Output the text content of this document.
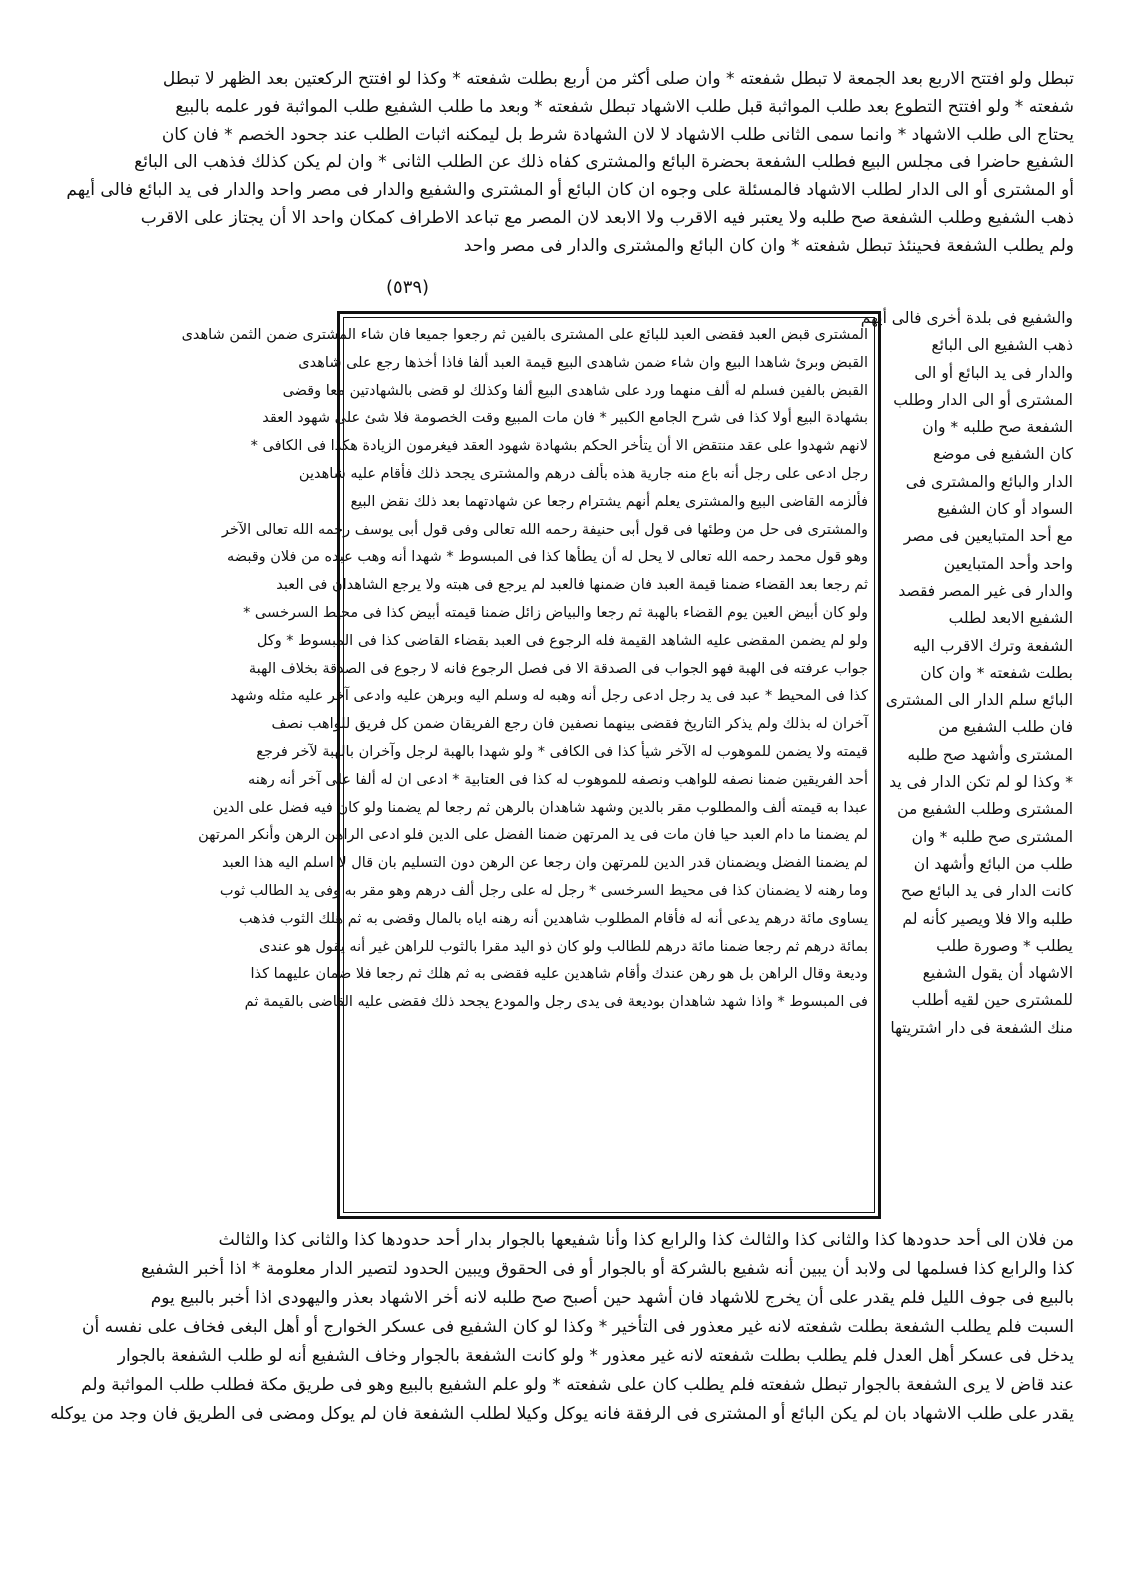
تبطل ولو افتتح الاربع بعد الجمعة لا تبطل شفعته * وان صلى أكثر من أربع بطلت شفعته * وكذا لو افتتح الركعتين بعد الظهر لا تبطل
شفعته * ولو افتتح التطوع بعد طلب المواثبة قبل طلب الاشهاد تبطل شفعته * وبعد ما طلب الشفيع طلب المواثبة فور علمه بالبيع
يحتاج الى طلب الاشهاد * وانما سمى الثانى طلب الاشهاد لا لان الشهادة شرط بل ليمكنه اثبات الطلب عند جحود الخصم * فان كان
الشفيع حاضرا فى مجلس البيع فطلب الشفعة بحضرة البائع والمشترى كفاه ذلك عن الطلب الثانى * وان لم يكن كذلك فذهب الى البائع
أو المشترى أو الى الدار لطلب الاشهاد فالمسئلة على وجوه ان كان البائع أو المشترى والشفيع والدار فى مصر واحد والدار فى يد البائع فالى أيهم
ذهب الشفيع وطلب الشفعة صح طلبه ولا يعتبر فيه الاقرب ولا الابعد لان المصر مع تباعد الاطراف كمكان واحد الا أن يجتاز على الاقرب
ولم يطلب الشفعة فحينئذ تبطل شفعته * وان كان البائع والمشترى والدار فى مصر واحد
(٥٣٩)
والشفيع فى بلدة أخرى فالى أيهم
ذهب الشفيع الى البائع
والدار فى يد البائع أو الى
المشترى أو الى الدار وطلب
الشفعة صح طلبه * وان
كان الشفيع فى موضع
الدار والبائع والمشترى فى
السواد أو كان الشفيع
مع أحد المتبايعين فى مصر
واحد وأحد المتبايعين
والدار فى غير المصر فقصد
الشفيع الابعد لطلب
الشفعة وترك الاقرب اليه
بطلت شفعته * وان كان
البائع سلم الدار الى المشترى
فان طلب الشفيع من
المشترى وأشهد صح طلبه
* وكذا لو لم تكن الدار فى يد
المشترى وطلب الشفيع من
المشترى صح طلبه * وان
طلب من البائع وأشهد ان
كانت الدار فى يد البائع صح
طلبه والا فلا ويصير كأنه لم
يطلب * وصورة طلب
الاشهاد أن يقول الشفيع
للمشترى حين لقيه أطلب
منك الشفعة فى دار اشتريتها
المشترى قبض العبد فقضى العبد للبائع على المشترى بالفين ثم رجعوا جميعا فان شاء المشترى ضمن الثمن شاهدى
القبض وبرئ شاهدا البيع وان شاء ضمن شاهدى البيع قيمة العبد ألفا فاذا أخذها رجع على شاهدى
القبض بالفين فسلم له ألف منهما ورد على شاهدى البيع ألفا وكذلك لو قضى بالشهادتين معا وقضى
بشهادة البيع أولا كذا فى شرح الجامع الكبير * فان مات المبيع وقت الخصومة فلا شئ على شهود العقد
لانهم شهدوا على عقد منتقض الا أن يتأخر الحكم بشهادة شهود العقد فيغرمون الزيادة هكذا فى الكافى *
رجل ادعى على رجل أنه باع منه جارية هذه بألف درهم والمشترى يجحد ذلك فأقام عليه شاهدين
فألزمه القاضى البيع والمشترى يعلم أنهم يشترام رجعا عن شهادتهما بعد ذلك نقض البيع
والمشترى فى حل من وطئها فى قول أبى حنيفة رحمه الله تعالى وفى قول أبى يوسف رحمه الله تعالى الآخر
وهو قول محمد رحمه الله تعالى لا يحل له أن يطأها كذا فى المبسوط * شهدا أنه وهب عبده من فلان وقبضه
ثم رجعا بعد القضاء ضمنا قيمة العبد فان ضمنها فالعبد لم يرجع فى هبته ولا يرجع الشاهدان فى العبد
ولو كان أبيض العين يوم القضاء بالهبة ثم رجعا والبياض زائل ضمنا قيمته أبيض كذا فى محيط السرخسى *
ولو لم يضمن المقضى عليه الشاهد القيمة فله الرجوع فى العبد بقضاء القاضى كذا فى المبسوط * وكل
جواب عرفته فى الهبة فهو الجواب فى الصدقة الا فى فصل الرجوع فانه لا رجوع فى الصدقة بخلاف الهبة
كذا فى المحيط * عبد فى يد رجل ادعى رجل أنه وهبه له وسلم اليه وبرهن عليه وادعى آخر عليه مثله وشهد
آخران له بذلك ولم يذكر التاريخ فقضى بينهما نصفين فان رجع الفريقان ضمن كل فريق للواهب نصف
قيمته ولا يضمن للموهوب له الآخر شيأ كذا فى الكافى * ولو شهدا بالهبة لرجل وآخران بالهبة لآخر فرجع
أحد الفريقين ضمنا نصفه للواهب ونصفه للموهوب له كذا فى العتابية * ادعى ان له ألفا على آخر أنه رهنه
عبدا به قيمته ألف والمطلوب مقر بالدين وشهد شاهدان بالرهن ثم رجعا لم يضمنا ولو كان فيه فضل على الدين
لم يضمنا ما دام العبد حيا فان مات فى يد المرتهن ضمنا الفضل على الدين فلو ادعى الراهن الرهن وأنكر المرتهن
لم يضمنا الفضل ويضمنان قدر الدين للمرتهن وان رجعا عن الرهن دون التسليم بان قال لا اسلم اليه هذا العبد
وما رهنه لا يضمنان كذا فى محيط السرخسى * رجل له على رجل ألف درهم وهو مقر به وفى يد الطالب ثوب
يساوى مائة درهم يدعى أنه له فأقام المطلوب شاهدين أنه رهنه اياه بالمال وقضى به ثم هلك الثوب فذهب
بمائة درهم ثم رجعا ضمنا مائة درهم للطالب ولو كان ذو اليد مقرا بالثوب للراهن غير أنه يقول هو عندى
وديعة وقال الراهن بل هو رهن عندك وأقام شاهدين عليه فقضى به ثم هلك ثم رجعا فلا ضمان عليهما كذا
فى المبسوط * واذا شهد شاهدان بوديعة فى يدى رجل والمودع يجحد ذلك فقضى عليه القاضى بالقيمة ثم
من فلان الى أحد حدودها كذا والثانى كذا والثالث كذا والرابع كذا وأنا شفيعها بالجوار بدار أحد حدودها كذا والثانى كذا والثالث
كذا والرابع كذا فسلمها لى ولابد أن يبين أنه شفيع بالشركة أو بالجوار أو فى الحقوق ويبين الحدود لتصير الدار معلومة * اذا أخبر الشفيع
بالبيع فى جوف الليل فلم يقدر على أن يخرج للاشهاد فان أشهد حين أصبح صح طلبه لانه أخر الاشهاد بعذر واليهودى اذا أخبر بالبيع يوم
السبت فلم يطلب الشفعة بطلت شفعته لانه غير معذور فى التأخير * وكذا لو كان الشفيع فى عسكر الخوارج أو أهل البغى فخاف على نفسه أن
يدخل فى عسكر أهل العدل فلم يطلب بطلت شفعته لانه غير معذور * ولو كانت الشفعة بالجوار وخاف الشفيع أنه لو طلب الشفعة بالجوار
عند قاض لا يرى الشفعة بالجوار تبطل شفعته فلم يطلب كان على شفعته * ولو علم الشفيع بالبيع وهو فى طريق مكة فطلب طلب المواثبة ولم
يقدر على طلب الاشهاد بان لم يكن البائع أو المشترى فى الرفقة فانه يوكل وكيلا لطلب الشفعة فان لم يوكل ومضى فى الطريق فان وجد من يوكله
